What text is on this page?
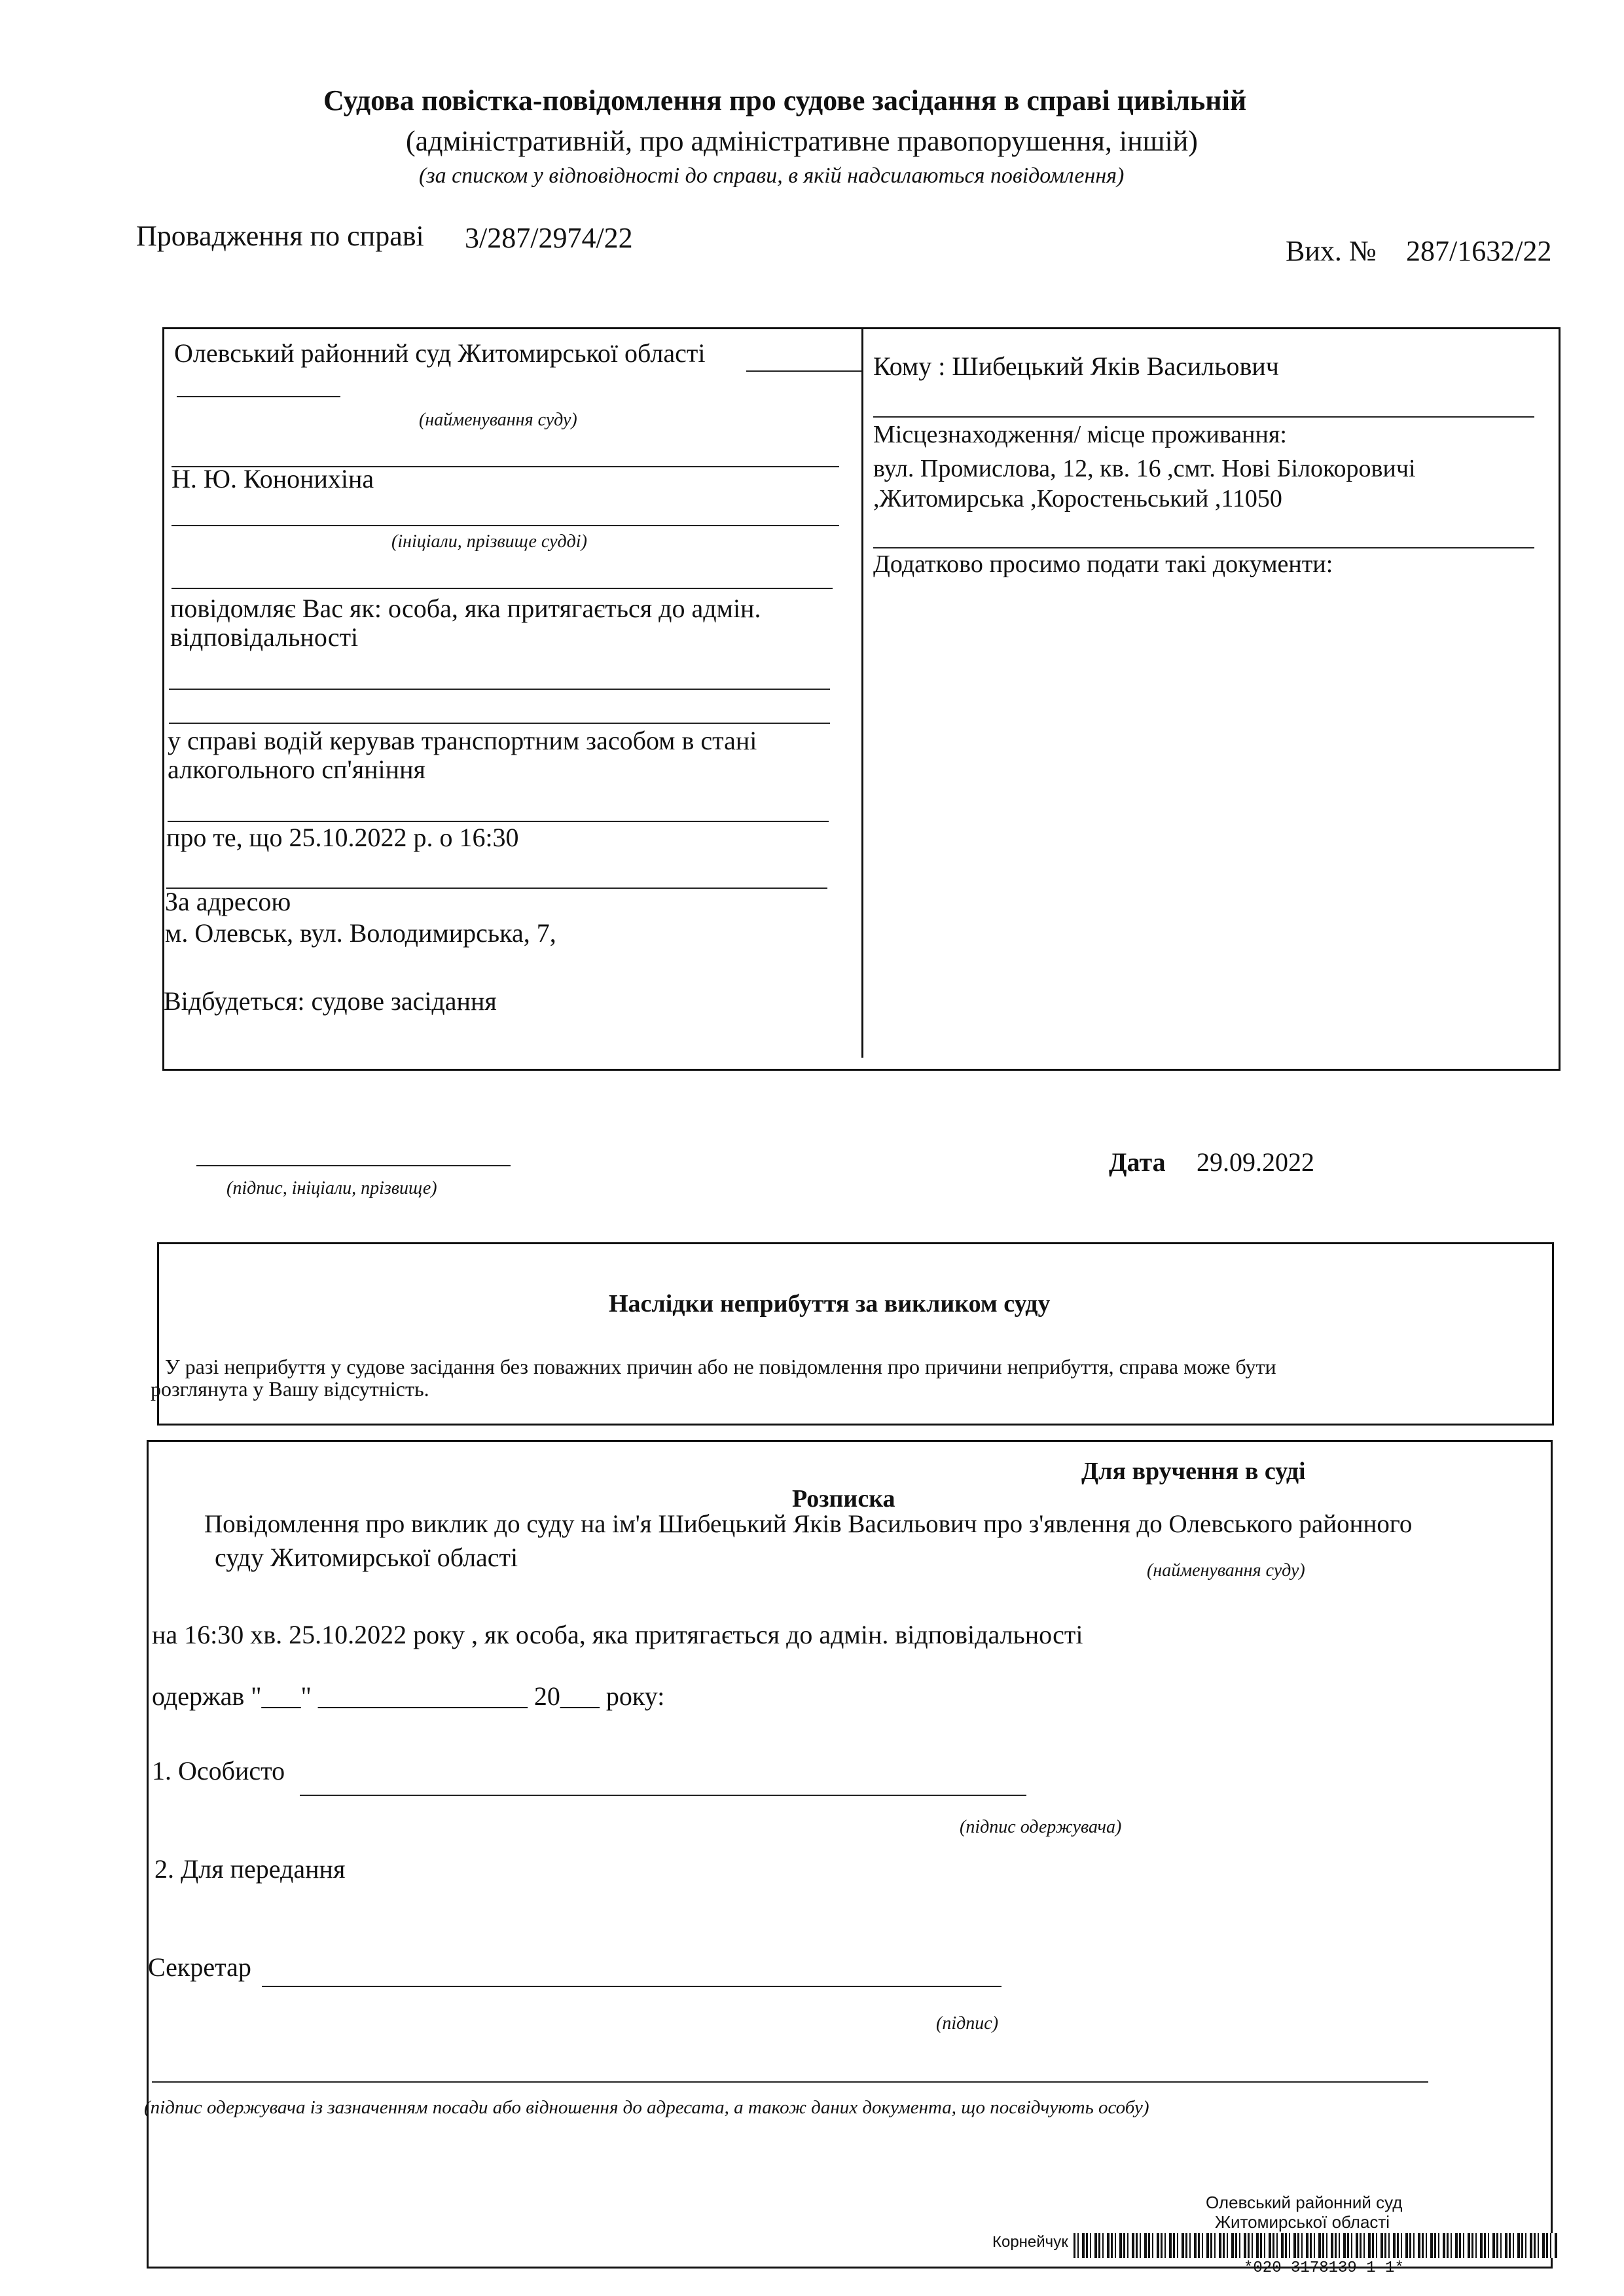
Судова повістка-повідомлення про судове засідання в справі цивільній
(адміністративній, про адміністративне правопорушення, іншій)
(за списком у відповідності до справи, в якій надсилаються повідомлення)
Провадження по справі 3/287/2974/22	Вих. № 287/1632/22
Олевський районний суд Житомирської області
(найменування суду)
Н. Ю. Кононихіна
(ініціали, прізвище судді)
повідомляє Вас як: особа, яка притягається до адмін.
відповідальності
у справі водій керував транспортним засобом в стані
алкогольного сп'яніння
про те, що 25.10.2022 р. о 16:30
За адресою
м. Олевськ, вул. Володимирська, 7,
Відбудеться: судове засідання
Кому : Шибецький Яків Васильович
Місцезнаходження/ місце проживання:
вул. Промислова, 12, кв. 16 ,смт. Нові Білокоровичі
,Житомирська ,Коростеньський ,11050
Додатково просимо подати такі документи:
(підпис, ініціали, прізвище)
Дата 29.09.2022
Наслідки неприбуття за викликом суду
У разі неприбуття у судове засідання без поважних причин або не повідомлення про причини неприбуття, справа може бути
розглянута у Вашу відсутність.
Для вручення в суді
Розписка
Повідомлення про виклик до суду на ім'я Шибецький Яків Васильович про з'явлення до Олевського районного
суду Житомирської області	(найменування суду)
на 16:30 хв. 25.10.2022 року , як особа, яка притягається до адмін. відповідальності
одержав "___" ________________ 20___ року:
1. Особисто
(підпис одержувача)
2. Для передання
Секретар
(підпис)
(підпис одержувача із зазначенням посади або відношення до адресата, а також даних документа, що посвідчують особу)
Олевський районний суд
Житомирської області
Корнейчук
*020-3178139-1-1*
